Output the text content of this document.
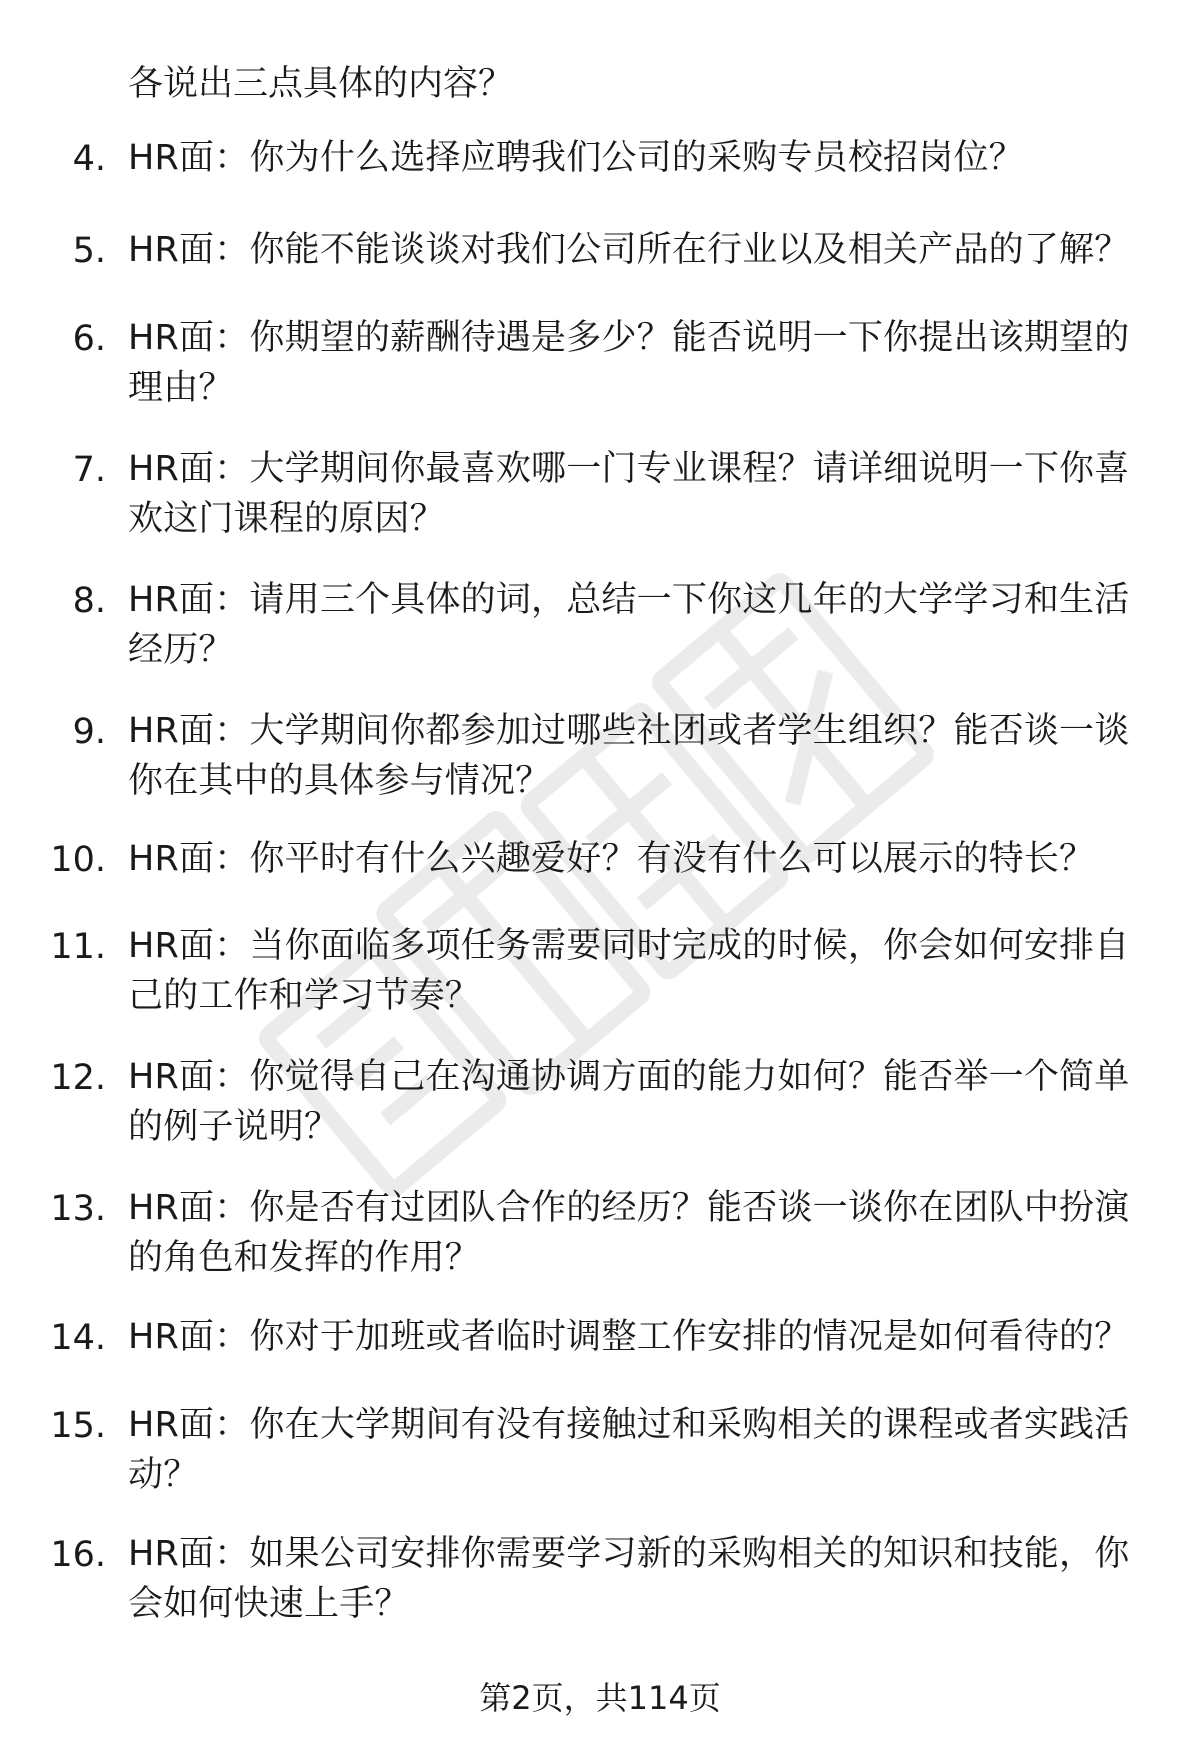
各说出三点具体的内容？

4. HR面：你为什么选择应聘我们公司的采购专员校招岗位？
5. HR面：你能不能谈谈对我们公司所在行业以及相关产品的了解？
6. HR面：你期望的薪酬待遇是多少？能否说明一下你提出该期望的理由？
7. HR面：大学期间你最喜欢哪一门专业课程？请详细说明一下你喜欢这门课程的原因？
8. HR面：请用三个具体的词，总结一下你这几年的大学学习和生活经历？
9. HR面：大学期间你都参加过哪些社团或者学生组织？能否谈一谈你在其中的具体参与情况？
10. HR面：你平时有什么兴趣爱好？有没有什么可以展示的特长？
11. HR面：当你面临多项任务需要同时完成的时候，你会如何安排自己的工作和学习节奏？
12. HR面：你觉得自己在沟通协调方面的能力如何？能否举一个简单的例子说明？
13. HR面：你是否有过团队合作的经历？能否谈一谈你在团队中扮演的角色和发挥的作用？
14. HR面：你对于加班或者临时调整工作安排的情况是如何看待的？
15. HR面：你在大学期间有没有接触过和采购相关的课程或者实践活动？
16. HR面：如果公司安排你需要学习新的采购相关的知识和技能，你会如何快速上手？
第2页，共114页
